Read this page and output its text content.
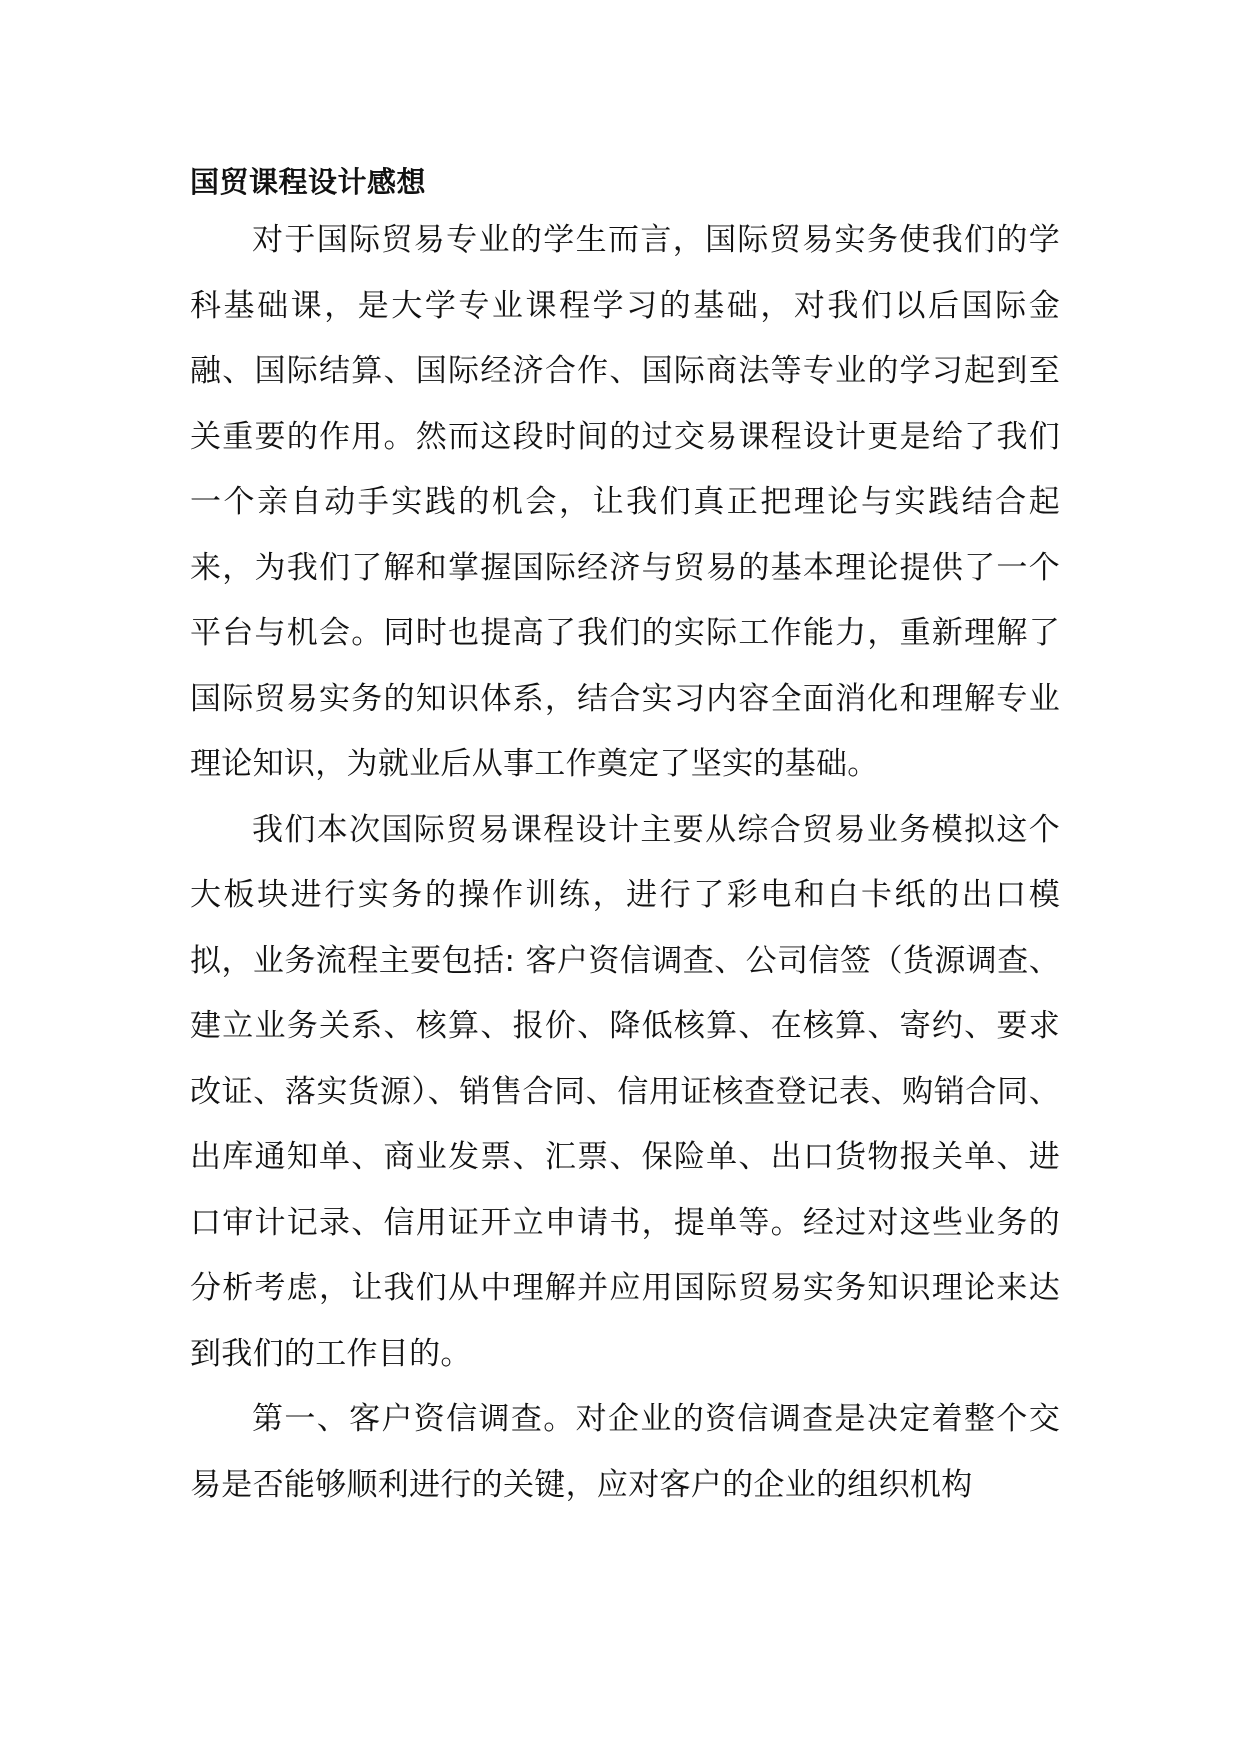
国贸课程设计感想

对于国际贸易专业的学生而言，国际贸易实务使我们的学科基础课，是大学专业课程学习的基础，对我们以后国际金融、国际结算、国际经济合作、国际商法等专业的学习起到至关重要的作用。然而这段时间的过交易课程设计更是给了我们一个亲自动手实践的机会，让我们真正把理论与实践结合起来，为我们了解和掌握国际经济与贸易的基本理论提供了一个平台与机会。同时也提高了我们的实际工作能力，重新理解了国际贸易实务的知识体系，结合实习内容全面消化和理解专业理论知识，为就业后从事工作奠定了坚实的基础。

我们本次国际贸易课程设计主要从综合贸易业务模拟这个大板块进行实务的操作训练，进行了彩电和白卡纸的出口模拟，业务流程主要包括: 客户资信调查、公司信签（货源调查、建立业务关系、核算、报价、降低核算、在核算、寄约、要求改证、落实货源）、销售合同、信用证核查登记表、购销合同、出库通知单、商业发票、汇票、保险单、出口货物报关单、进口审计记录、信用证开立申请书，提单等。经过对这些业务的分析考虑，让我们从中理解并应用国际贸易实务知识理论来达到我们的工作目的。

第一、客户资信调查。对企业的资信调查是决定着整个交易是否能够顺利进行的关键，应对客户的企业的组织机构
